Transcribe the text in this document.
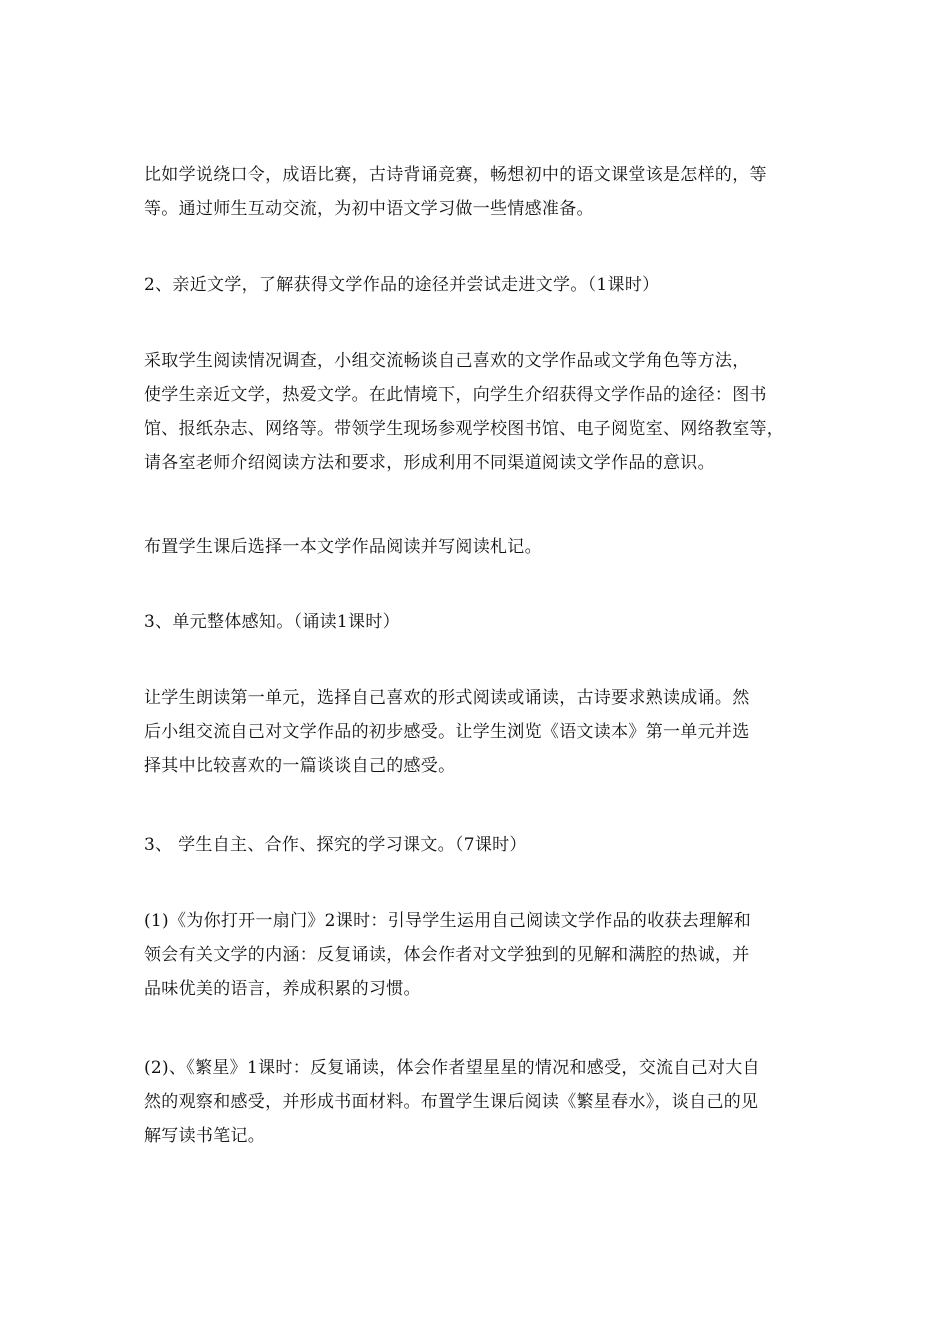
比如学说绕口令，成语比赛，古诗背诵竞赛，畅想初中的语文课堂该是怎样的，等
等。通过师生互动交流，为初中语文学习做一些情感准备。

2、亲近文学，了解获得文学作品的途径并尝试走进文学。（1课时）

采取学生阅读情况调查，小组交流畅谈自己喜欢的文学作品或文学角色等方法，
使学生亲近文学，热爱文学。在此情境下，向学生介绍获得文学作品的途径：图书
馆、报纸杂志、网络等。带领学生现场参观学校图书馆、电子阅览室、网络教室等，
请各室老师介绍阅读方法和要求，形成利用不同渠道阅读文学作品的意识。

布置学生课后选择一本文学作品阅读并写阅读札记。

3、单元整体感知。（诵读1课时）

让学生朗读第一单元，选择自己喜欢的形式阅读或诵读，古诗要求熟读成诵。然
后小组交流自己对文学作品的初步感受。让学生浏览《语文读本》第一单元并选
择其中比较喜欢的一篇谈谈自己的感受。

3、 学生自主、合作、探究的学习课文。（7课时）

(1)《为你打开一扇门》2课时：引导学生运用自己阅读文学作品的收获去理解和
领会有关文学的内涵：反复诵读，体会作者对文学独到的见解和满腔的热诚，并
品味优美的语言，养成积累的习惯。

(2)、《繁星》1课时：反复诵读，体会作者望星星的情况和感受，交流自己对大自
然的观察和感受，并形成书面材料。布置学生课后阅读《繁星春水》，谈自己的见
解写读书笔记。
